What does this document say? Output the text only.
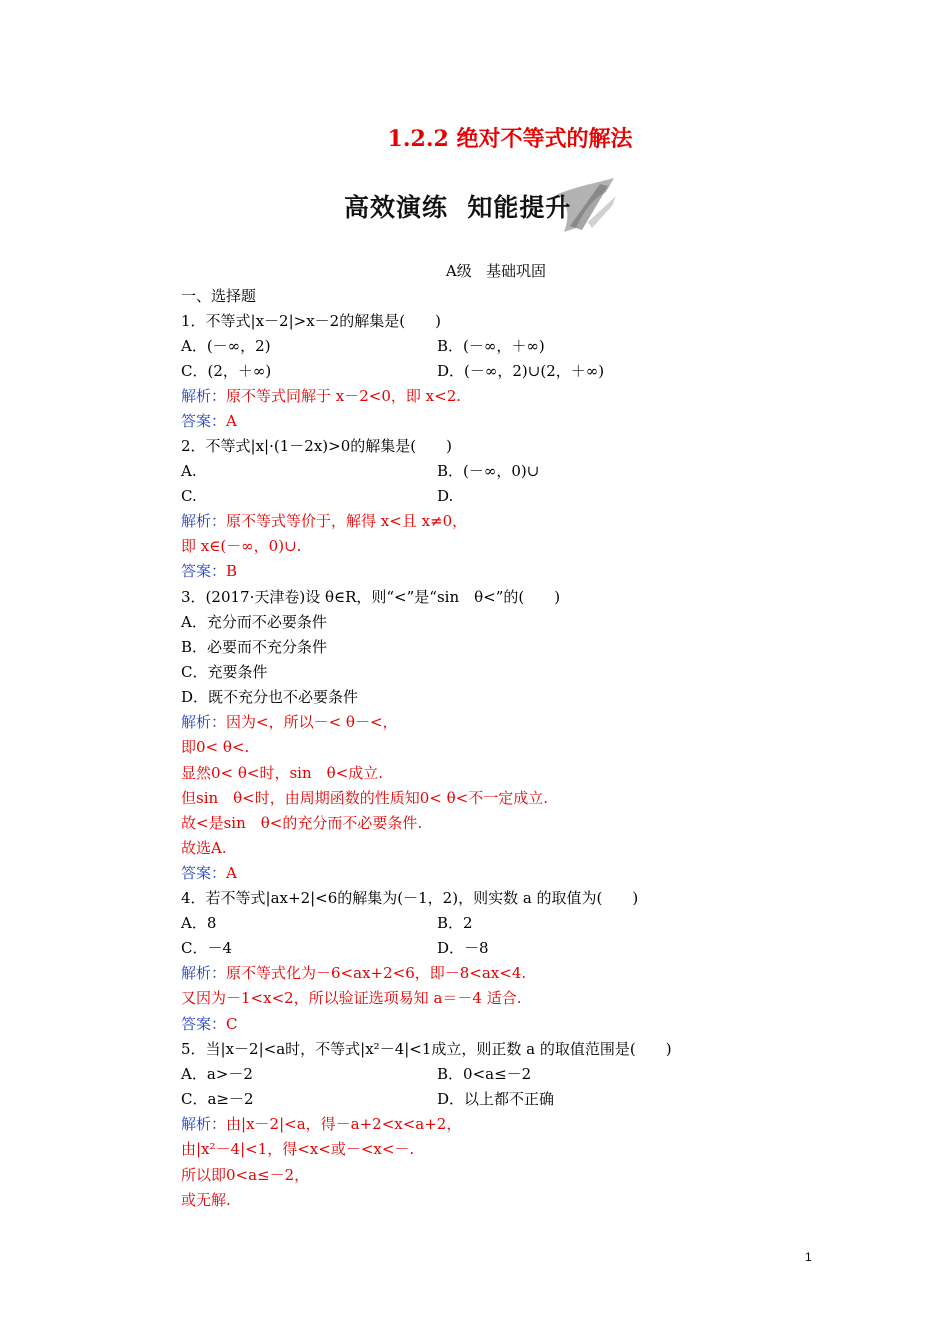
1.2.2 绝对不等式的解法
高效演练  知能提升
A级   基础巩固
一、选择题
1．不等式|x－2|>x－2的解集是(　　)
A．(－∞，2)	B．(－∞，＋∞)
C．(2，＋∞)	D．(－∞，2)∪(2，＋∞)
解析：原不等式同解于 x－2<0，即 x<2.
答案：A
2．不等式|x|·(1－2x)>0的解集是(　　)
A.	B．(－∞，0)∪
C.	D.
解析：原不等式等价于，解得 x<且 x≠0，
即 x∈(－∞，0)∪.
答案：B
3．(2017·天津卷)设 θ∈R，则“<”是“sin　θ<”的(　　)
A．充分而不必要条件
B．必要而不充分条件
C．充要条件
D．既不充分也不必要条件
解析：因为<，所以－< θ－<，
即0< θ<.
显然0< θ<时，sin　θ<成立.
但sin　θ<时，由周期函数的性质知0< θ<不一定成立.
故<是sin　θ<的充分而不必要条件.
故选A.
答案：A
4．若不等式|ax+2|<6的解集为(－1，2)，则实数 a 的取值为(　　)
A．8	B．2
C．－4	D．－8
解析：原不等式化为－6<ax+2<6，即－8<ax<4.
又因为－1<x<2，所以验证选项易知 a＝－4 适合.
答案：C
5．当|x－2|<a时，不等式|x²－4|<1成立，则正数 a 的取值范围是(　　)
A．a>－2	B．0<a≤－2
C．a≥－2	D．以上都不正确
解析：由|x－2|<a，得－a+2<x<a+2，
由|x²－4|<1，得<x<或－<x<－.
所以即0<a≤－2，
或无解.
1
